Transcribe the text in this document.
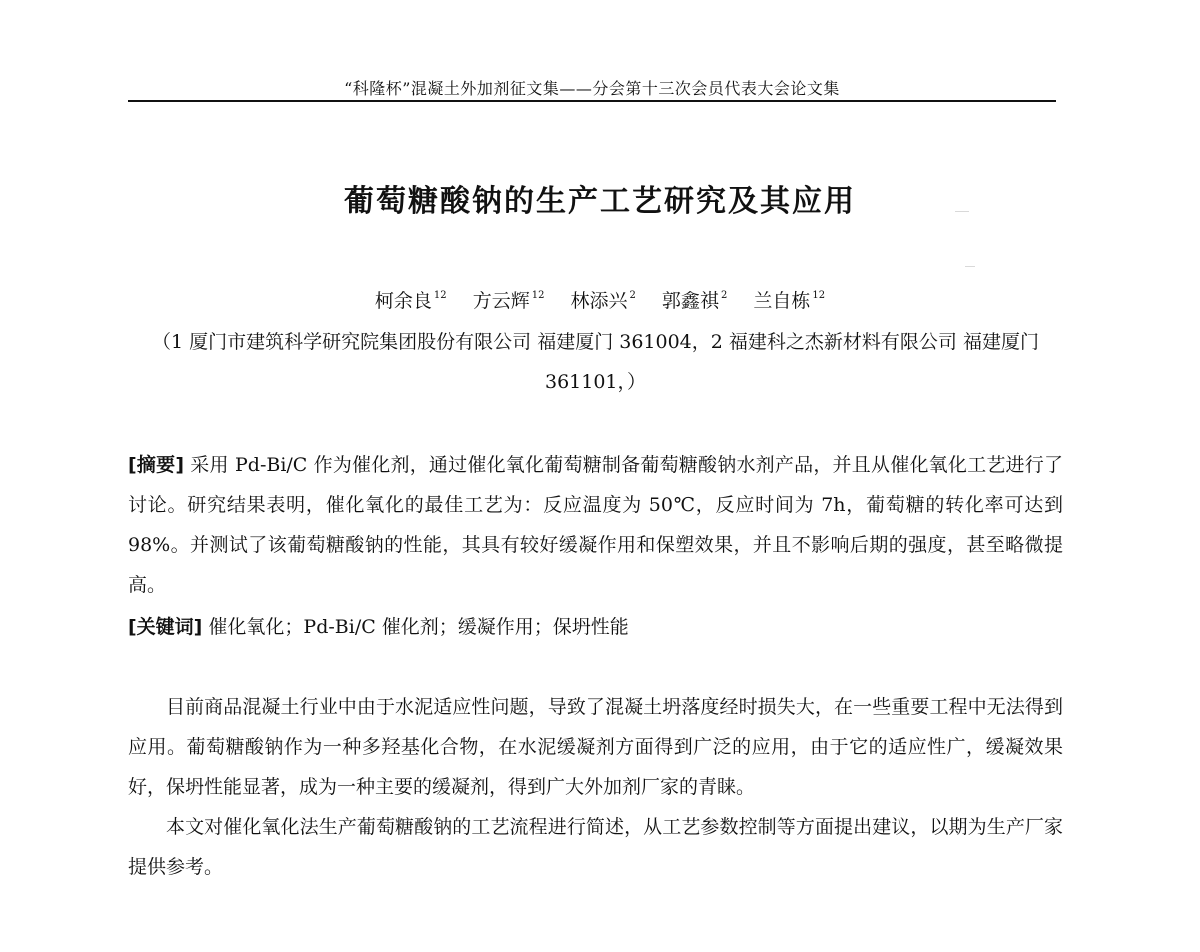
“科隆杯”混凝土外加剂征文集——分会第十三次会员代表大会论文集
葡萄糖酸钠的生产工艺研究及其应用
柯余良 $^{12}$ 方云辉 $^{12}$ 林添兴 $^2$ 郭鑫祺 $^2$ 兰自栋 $^{12}$
（1 厦门市建筑科学研究院集团股份有限公司 福建厦门 361004，2 福建科之杰新材料有限公司 福建厦门 361101，）
[摘要] 采用 Pd-Bi/C 作为催化剂，通过催化氧化葡萄糖制备葡萄糖酸钠水剂产品，并且从催化氧化工艺进行了讨论。研究结果表明，催化氧化的最佳工艺为：反应温度为 50℃，反应时间为 7h，葡萄糖的转化率可达到 98%。并测试了该葡萄糖酸钠的性能，其具有较好缓凝作用和保塑效果，并且不影响后期的强度，甚至略微提高。
[关键词] 催化氧化；Pd-Bi/C 催化剂；缓凝作用；保坍性能

目前商品混凝土行业中由于水泥适应性问题，导致了混凝土坍落度经时损失大，在一些重要工程中无法得到应用。葡萄糖酸钠作为一种多羟基化合物，在水泥缓凝剂方面得到广泛的应用，由于它的适应性广，缓凝效果好，保坍性能显著，成为一种主要的缓凝剂，得到广大外加剂厂家的青睐。

本文对催化氧化法生产葡萄糖酸钠的工艺流程进行简述，从工艺参数控制等方面提出建议，以期为生产厂家提供参考。
